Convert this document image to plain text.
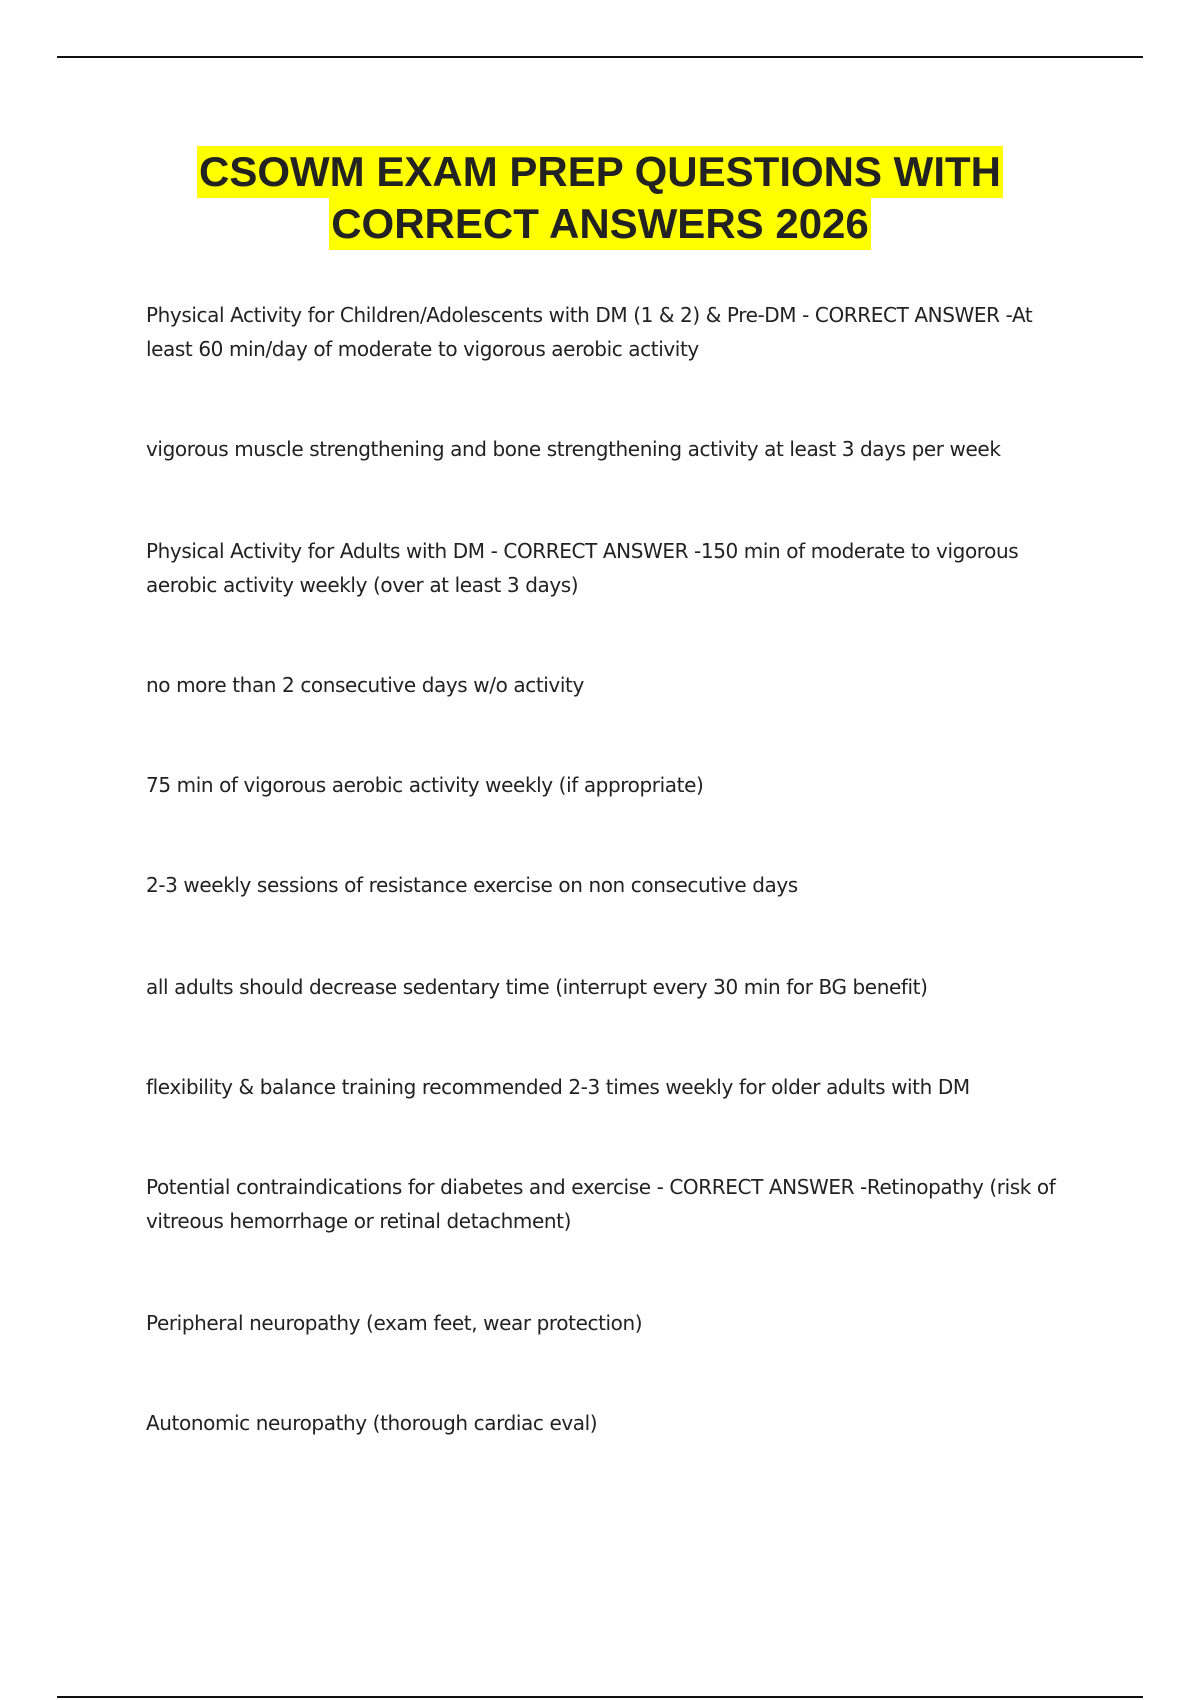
CSOWM EXAM PREP QUESTIONS WITH
CORRECT ANSWERS 2026

Physical Activity for Children/Adolescents with DM (1 & 2) & Pre-DM - CORRECT ANSWER -At least 60 min/day of moderate to vigorous aerobic activity

vigorous muscle strengthening and bone strengthening activity at least 3 days per week

Physical Activity for Adults with DM - CORRECT ANSWER -150 min of moderate to vigorous aerobic activity weekly (over at least 3 days)

no more than 2 consecutive days w/o activity

75 min of vigorous aerobic activity weekly (if appropriate)

2-3 weekly sessions of resistance exercise on non consecutive days

all adults should decrease sedentary time (interrupt every 30 min for BG benefit)

flexibility & balance training recommended 2-3 times weekly for older adults with DM

Potential contraindications for diabetes and exercise - CORRECT ANSWER -Retinopathy (risk of vitreous hemorrhage or retinal detachment)

Peripheral neuropathy (exam feet, wear protection)

Autonomic neuropathy (thorough cardiac eval)
